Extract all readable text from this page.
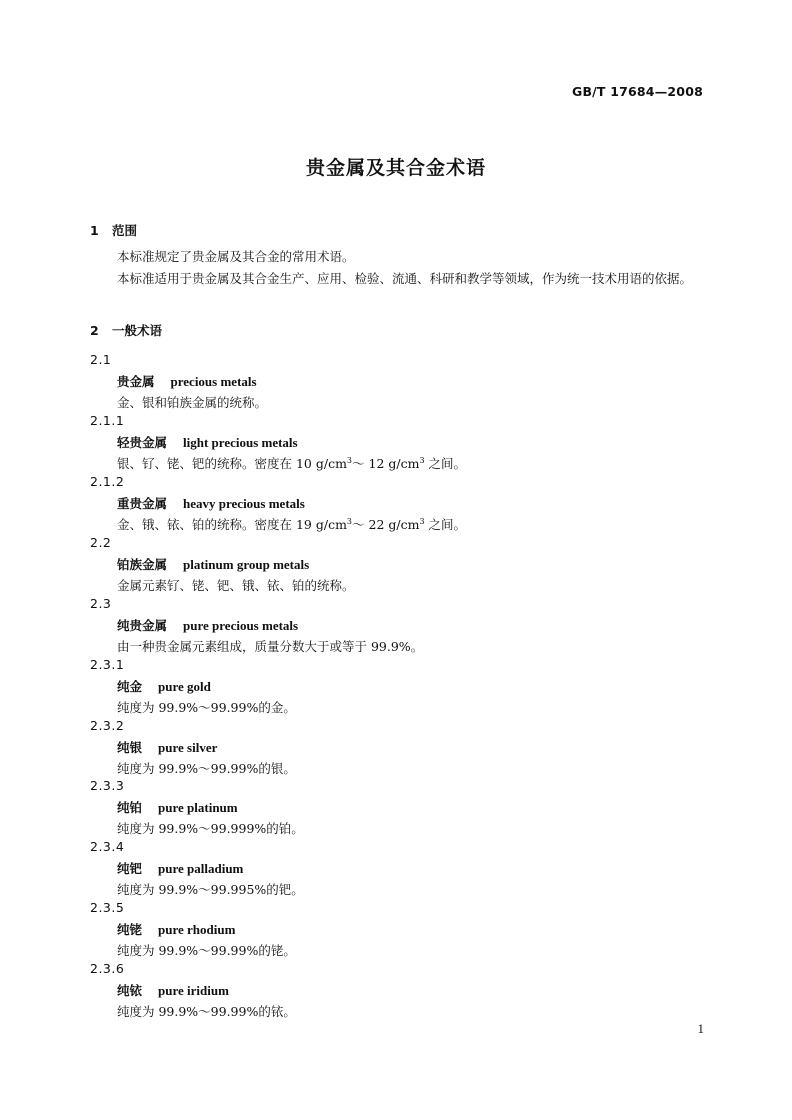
GB/T 17684—2008
贵金属及其合金术语
1 范围
本标准规定了贵金属及其合金的常用术语。
本标准适用于贵金属及其合金生产、应用、检验、流通、科研和教学等领域，作为统一技术用语的依据。
2 一般术语
2.1
贵金属 precious metals
金、银和铂族金属的统称。
2.1.1
轻贵金属 light precious metals
银、钌、铑、钯的统称。密度在 10 $g/cm^3\sim$ 12 $g/cm^3$ 之间。
2.1.2
重贵金属 heavy precious metals
金、锇、铱、铂的统称。密度在 19 $g/cm^3\sim$ 22 $g/cm^3$ 之间。
2.2
铂族金属 platinum group metals
金属元素钌、铑、钯、锇、铱、铂的统称。
2.3
纯贵金属 pure precious metals
由一种贵金属元素组成，质量分数大于或等于 99.9%。
2.3.1
纯金 pure gold
纯度为 99.9%～99.99%的金。
2.3.2
纯银 pure silver
纯度为 99.9%～99.99%的银。
2.3.3
纯铂 pure platinum
纯度为 99.9%～99.999%的铂。
2.3.4
纯钯 pure palladium
纯度为 99.9%～99.995%的钯。
2.3.5
纯铑 pure rhodium
纯度为 99.9%～99.99%的铑。
2.3.6
纯铱 pure iridium
纯度为 99.9%～99.99%的铱。
1
